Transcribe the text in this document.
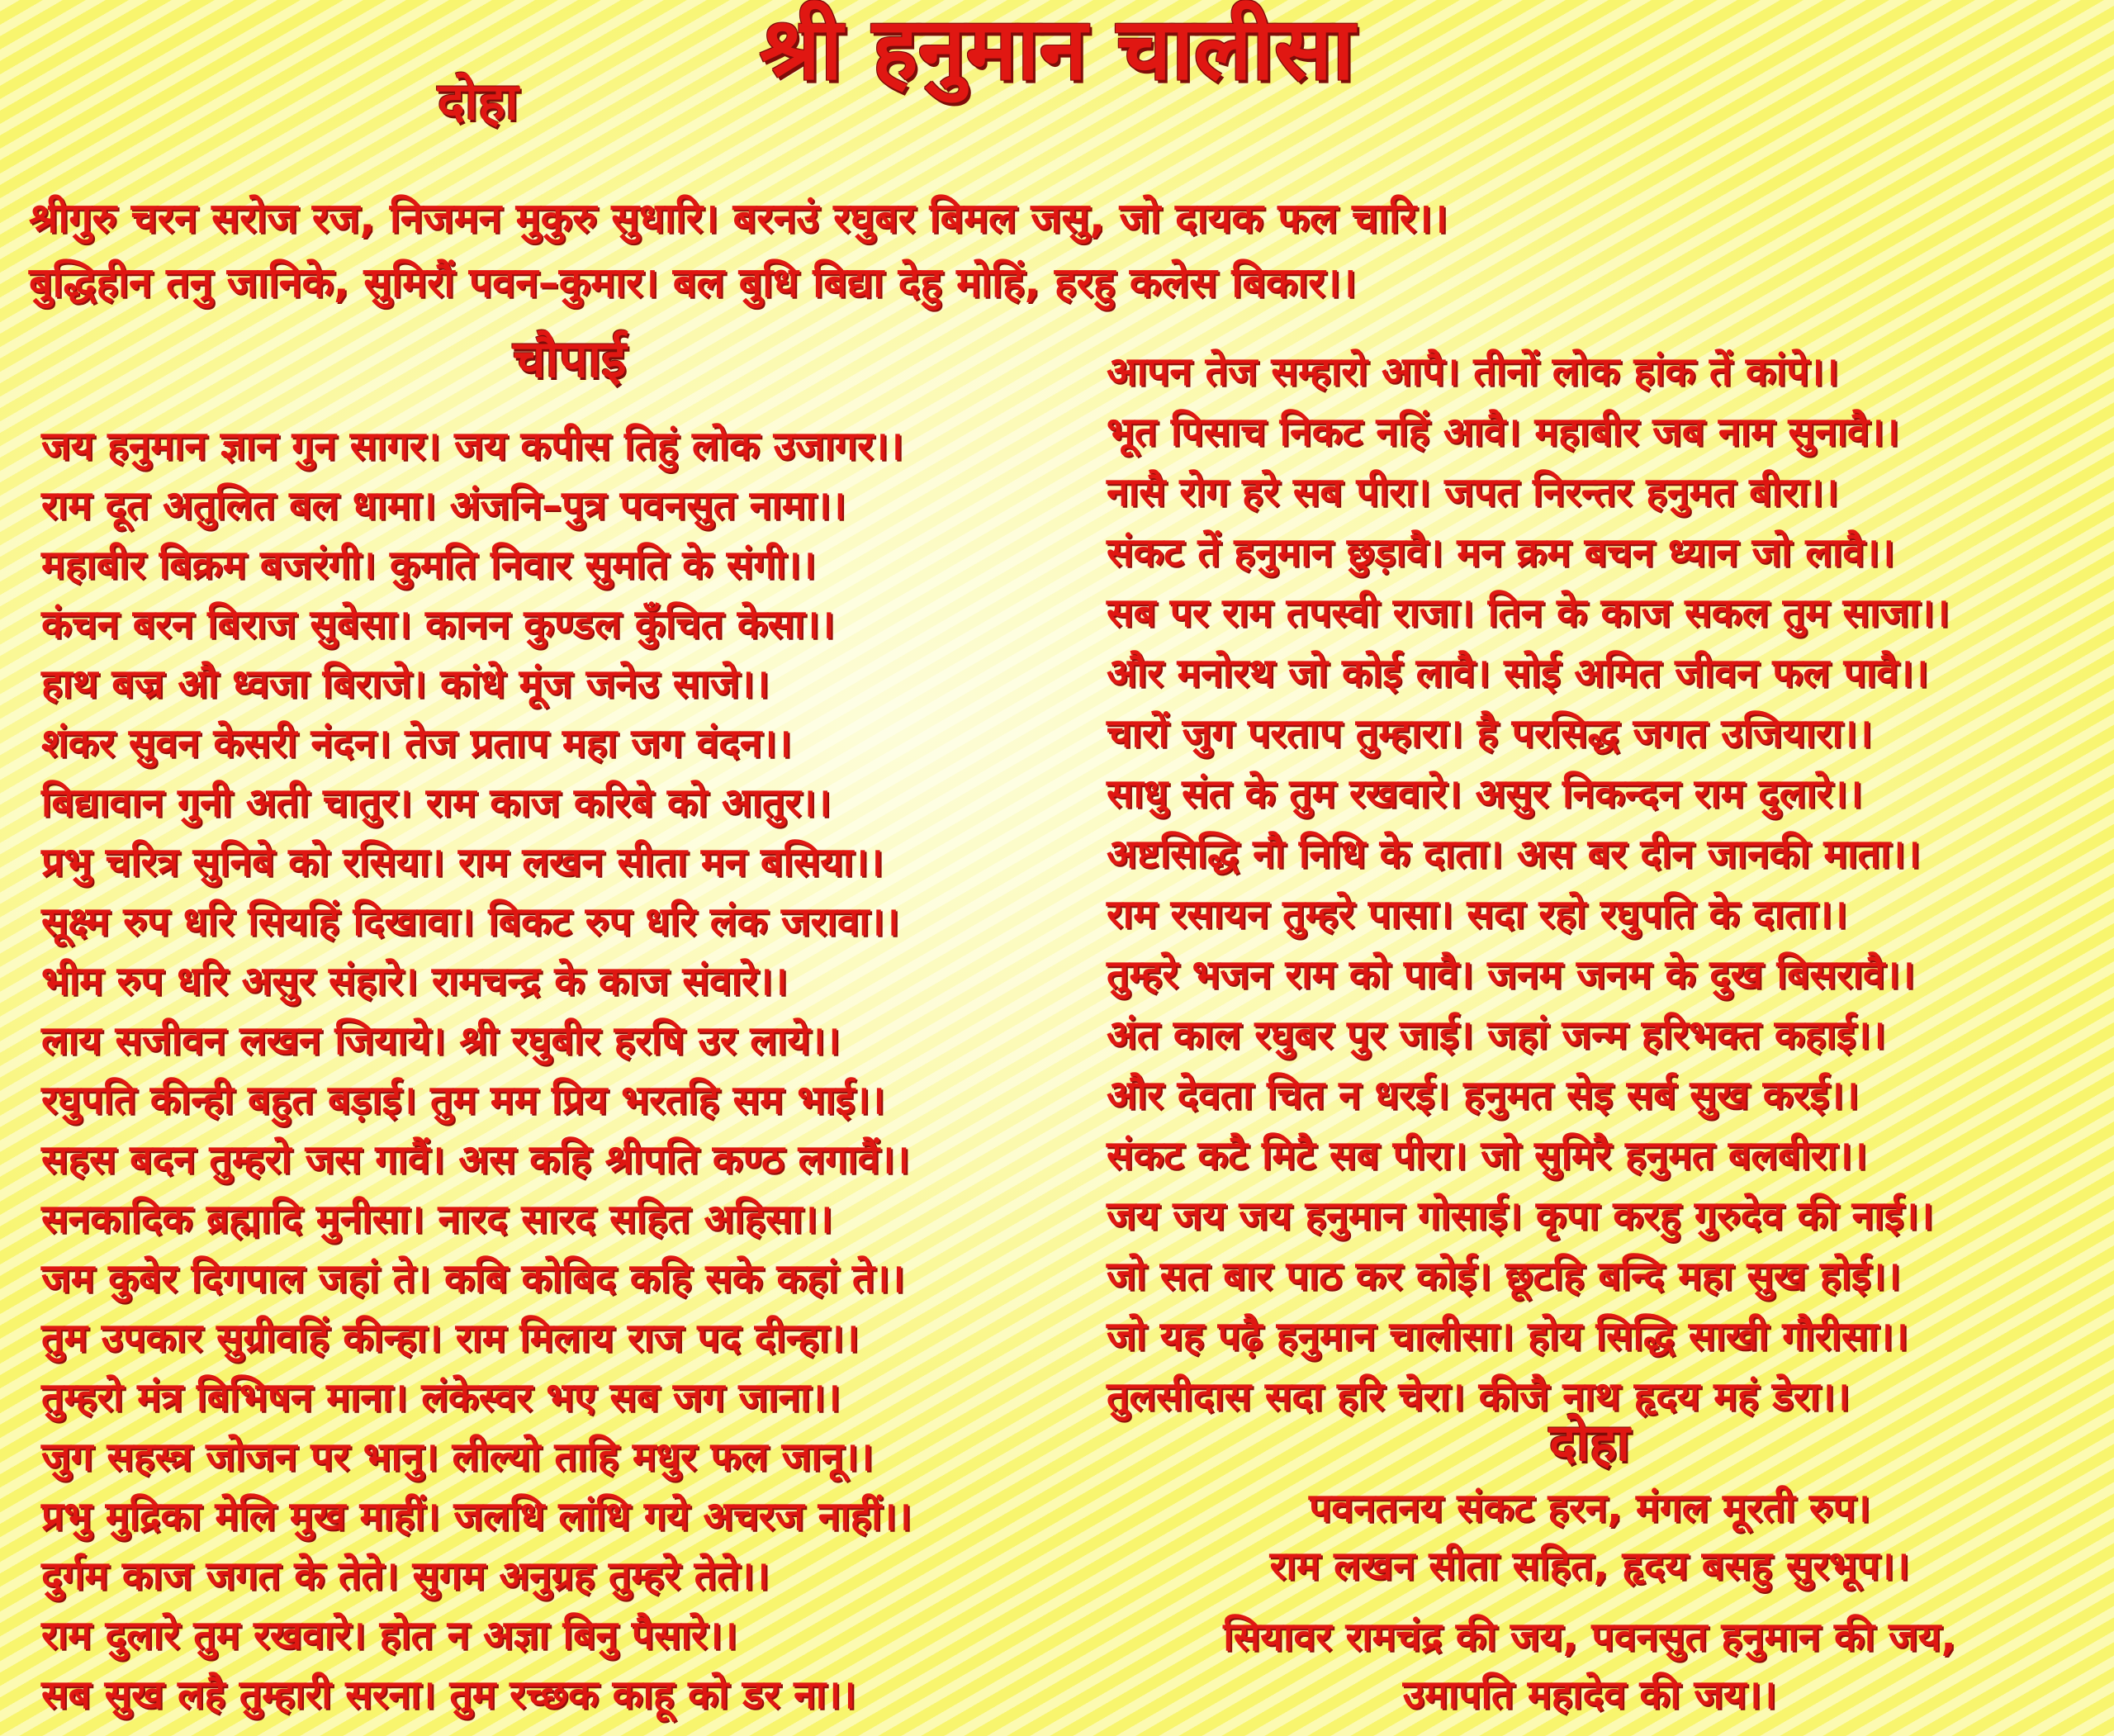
श्री हनुमान चालीसा
दोहा

श्रीगुरु चरन सरोज रज, निजमन मुकुरु सुधारि। बरनउं रघुबर बिमल जसु, जो दायक फल चारि।।

बुद्धिहीन तनु जानिके, सुमिरौं पवन–कुमार। बल बुधि बिद्या देहु मोहिं, हरहु कलेस बिकार।।

चौपाई

जय हनुमान ज्ञान गुन सागर। जय कपीस तिहुं लोक उजागर।।

राम दूत अतुलित बल धामा। अंजनि–पुत्र पवनसुत नामा।।

महाबीर बिक्रम बजरंगी। कुमति निवार सुमति के संगी।।

कंचन बरन बिराज सुबेसा। कानन कुण्डल कुँचित केसा।।

हाथ बज्र औ ध्वजा बिराजे। कांधे मूंज जनेउ साजे।।

शंकर सुवन केसरी नंदन। तेज प्रताप महा जग वंदन।।

बिद्यावान गुनी अती चातुर। राम काज करिबे को आतुर।।

प्रभु चरित्र सुनिबे को रसिया। राम लखन सीता मन बसिया।।

सूक्ष्म रुप धरि सियहिं दिखावा। बिकट रुप धरि लंक जरावा।।

भीम रुप धरि असुर संहारे। रामचन्द्र के काज संवारे।।

लाय सजीवन लखन जियाये। श्री रघुबीर हरषि उर लाये।।

रघुपति कीन्ही बहुत बड़ाई। तुम मम प्रिय भरतहि सम भाई।।

सहस बदन तुम्हरो जस गावैं। अस कहि श्रीपति कण्ठ लगावैं।।

सनकादिक ब्रह्मादि मुनीसा। नारद सारद सहित अहिसा।।

जम कुबेर दिगपाल जहां ते। कबि कोबिद कहि सके कहां ते।।

तुम उपकार सुग्रीवहिं कीन्हा। राम मिलाय राज पद दीन्हा।।

तुम्हरो मंत्र बिभिषन माना। लंकेस्वर भए सब जग जाना।।

जुग सहस्त्र जोजन पर भानु। लील्यो ताहि मधुर फल जानू।।

प्रभु मुद्रिका मेलि मुख माहीं। जलधि लांधि गये अचरज नाहीं।।

दुर्गम काज जगत के तेते। सुगम अनुग्रह तुम्हरे तेते।।

राम दुलारे तुम रखवारे। होत न अज्ञा बिनु पैसारे।।

सब सुख लहै तुम्हारी सरना। तुम रच्छक काहू को डर ना।।

आपन तेज सम्हारो आपै। तीनों लोक हांक तें कांपे।।

भूत पिसाच निकट नहिं आवै। महाबीर जब नाम सुनावै।।

नासै रोग हरे सब पीरा। जपत निरन्तर हनुमत बीरा।।

संकट तें हनुमान छुड़ावै। मन क्रम बचन ध्यान जो लावै।।

सब पर राम तपस्वी राजा। तिन के काज सकल तुम साजा।।

और मनोरथ जो कोई लावै। सोई अमित जीवन फल पावै।।

चारों जुग परताप तुम्हारा। है परसिद्ध जगत उजियारा।।

साधु संत के तुम रखवारे। असुर निकन्दन राम दुलारे।।

अष्टसिद्धि नौ निधि के दाता। अस बर दीन जानकी माता।।

राम रसायन तुम्हरे पासा। सदा रहो रघुपति के दाता।।

तुम्हरे भजन राम को पावै। जनम जनम के दुख बिसरावै।।

अंत काल रघुबर पुर जाई। जहां जन्म हरिभक्त कहाई।।

और देवता चित न धरई। हनुमत सेइ सर्ब सुख करई।।

संकट कटै मिटै सब पीरा। जो सुमिरै हनुमत बलबीरा।।

जय जय जय हनुमान गोसाई। कृपा करहु गुरुदेव की नाई।।

जो सत बार पाठ कर कोई। छूटहि बन्दि महा सुख होई।।

जो यह पढ़ै हनुमान चालीसा। होय सिद्धि साखी गौरीसा।।

तुलसीदास सदा हरि चेरा। कीजै नाथ हृदय महं डेरा।।

दोहा

पवनतनय संकट हरन, मंगल मूरती रुप।

राम लखन सीता सहित, हृदय बसहु सुरभूप।।

सियावर रामचंद्र की जय, पवनसुत हनुमान की जय,

उमापति महादेव की जय।।
